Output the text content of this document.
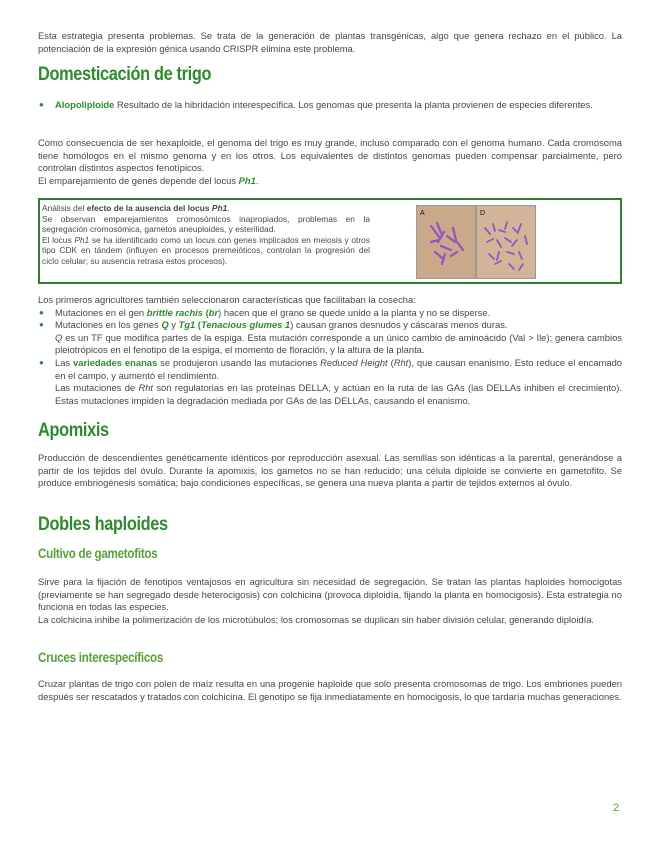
Esta estrategia presenta problemas. Se trata de la generación de plantas transgénicas, algo que genera rechazo en el público. La potenciación de la expresión génica usando CRISPR elimina este problema.

Domesticación de trigo
● Alopoliploide Resultado de la hibridación interespecífica. Los genomas que presenta la planta provienen de especies diferentes.

Como consecuencia de ser hexaploide, el genoma del trigo es muy grande, incluso comparado con el genoma humano. Cada cromosoma tiene homólogos en el mismo genoma y en los otros. Los equivalentes de distintos genomas pueden compensar parcialmente, pero controlan distintos aspectos fenotípicos.

El emparejamiento de genes depende del locus Ph1.

Análisis del efecto de la ausencia del locus Ph1.
Se observan emparejamientos cromosómicos inapropiados, problemas en la segregación cromosómica, gametos aneuploides, y esterilidad.
El locus Ph1 se ha identificado como un locus con genes implicados en meiosis y otros tipo CDK en tándem (influyen en procesos premeióticos, controlan la progresión del ciclo celular; su ausencia retrasa estos procesos).
A	D

Los primeros agricultores también seleccionaron características que facilitaban la cosecha:

● Mutaciones en el gen brittle rachis (br) hacen que el grano se quede unido a la planta y no se disperse.
● Mutaciones en los genes Q y Tg1 (Tenacious glumes 1) causan granos desnudos y cáscaras menos duras.
Q es un TF que modifica partes de la espiga. Esta mutación corresponde a un único cambio de aminoácido (Val > Ile); genera cambios pleiotrópicos en el fenotipo de la espiga, el momento de floración, y la altura de la planta.
● Las variedades enanas se produjeron usando las mutaciones Reduced Height (Rht), que causan enanismo. Esto reduce el encamado en el campo, y aumentó el rendimiento.
Las mutaciones de Rht son regulatorias en las proteínas DELLA, y actúan en la ruta de las GAs (las DELLAs inhiben el crecimiento). Estas mutaciones impiden la degradación mediada por GAs de las DELLAs, causando el enanismo.
Apomixis

Producción de descendientes genéticamente idénticos por reproducción asexual. Las semillas son idénticas a la parental, generándose a partir de los tejidos del óvulo. Durante la apomixis, los gametos no se han reducido; una célula diploide se convierte en gametofito. Se produce embriogénesis somática; bajo condiciones específicas, se genera una nueva planta a partir de tejidos externos al óvulo.

Dobles haploides
Cultivo de gametofitos

Sirve para la fijación de fenotipos ventajosos en agricultura sin necesidad de segregación. Se tratan las plantas haploides homocigotas (previamente se han segregado desde heterocigosis) con colchicina (provoca diploidía, fijando la planta en homocigosis). Esta estrategia no funciona en todas las especies.

La colchicina inhibe la polimerización de los microtúbulos; los cromosomas se duplican sin haber división celular, generando diploidía.

Cruces interespecíficos

Cruzar plantas de trigo con polen de maíz resulta en una progenie haploide que solo presenta cromosomas de trigo. Los embriones pueden después ser rescatados y tratados con colchicina. El genotipo se fija inmediatamente en homocigosis, lo que tardaría muchas generaciones.

2
